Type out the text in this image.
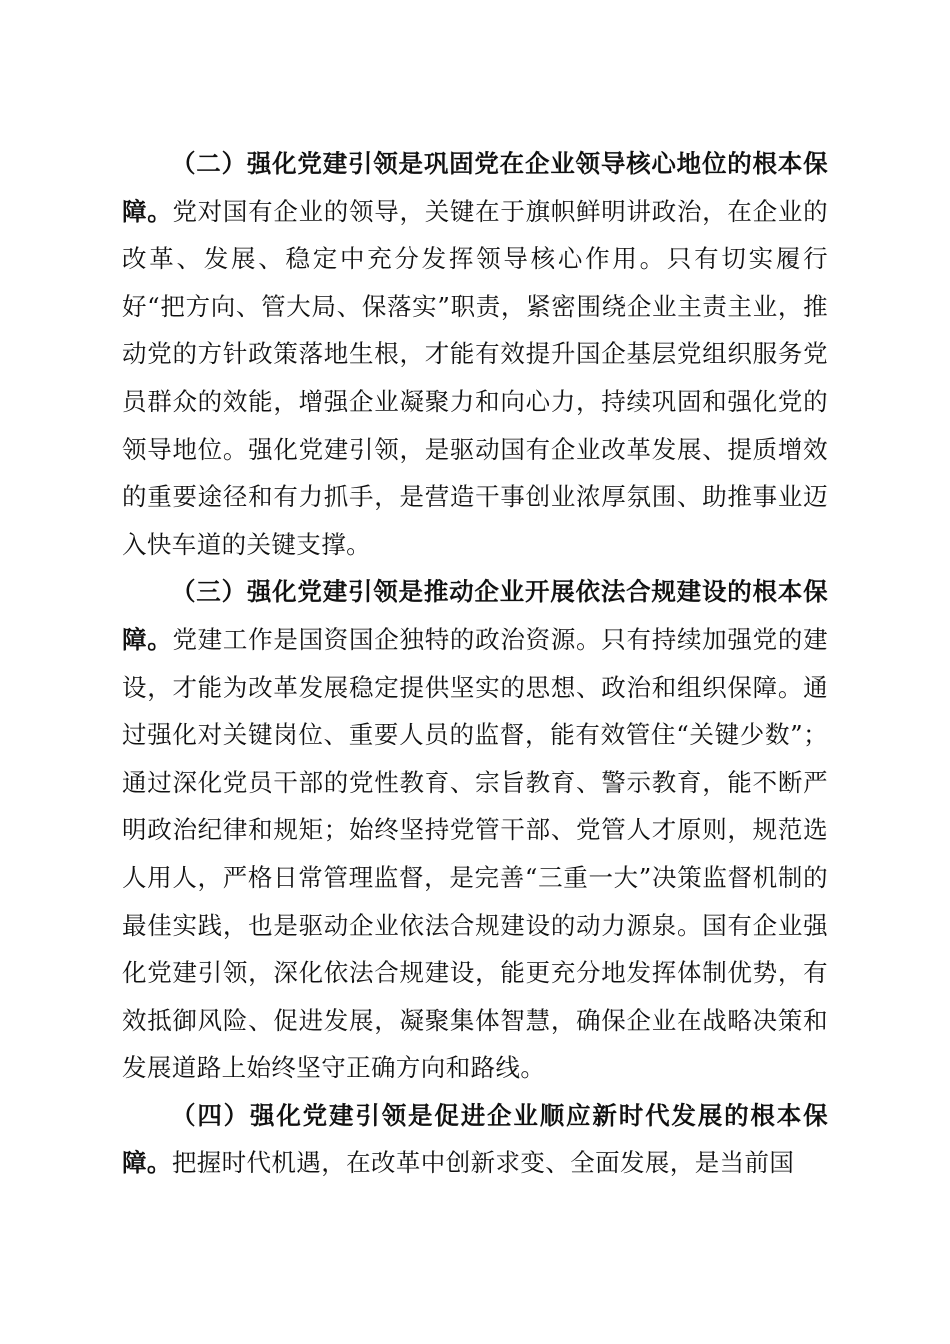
（二）强化党建引领是巩固党在企业领导核心地位的根本保障。党对国有企业的领导，关键在于旗帜鲜明讲政治，在企业的改革、发展、稳定中充分发挥领导核心作用。只有切实履行好“把方向、管大局、保落实”职责，紧密围绕企业主责主业，推动党的方针政策落地生根，才能有效提升国企基层党组织服务党员群众的效能，增强企业凝聚力和向心力，持续巩固和强化党的领导地位。强化党建引领，是驱动国有企业改革发展、提质增效的重要途径和有力抓手，是营造干事创业浓厚氛围、助推事业迈入快车道的关键支撑。

（三）强化党建引领是推动企业开展依法合规建设的根本保障。党建工作是国资国企独特的政治资源。只有持续加强党的建设，才能为改革发展稳定提供坚实的思想、政治和组织保障。通过强化对关键岗位、重要人员的监督，能有效管住“关键少数”；通过深化党员干部的党性教育、宗旨教育、警示教育，能不断严明政治纪律和规矩；始终坚持党管干部、党管人才原则，规范选人用人，严格日常管理监督，是完善“三重一大”决策监督机制的最佳实践，也是驱动企业依法合规建设的动力源泉。国有企业强化党建引领，深化依法合规建设，能更充分地发挥体制优势，有效抵御风险、促进发展，凝聚集体智慧，确保企业在战略决策和发展道路上始终坚守正确方向和路线。

（四）强化党建引领是促进企业顺应新时代发展的根本保障。把握时代机遇，在改革中创新求变、全面发展，是当前国
